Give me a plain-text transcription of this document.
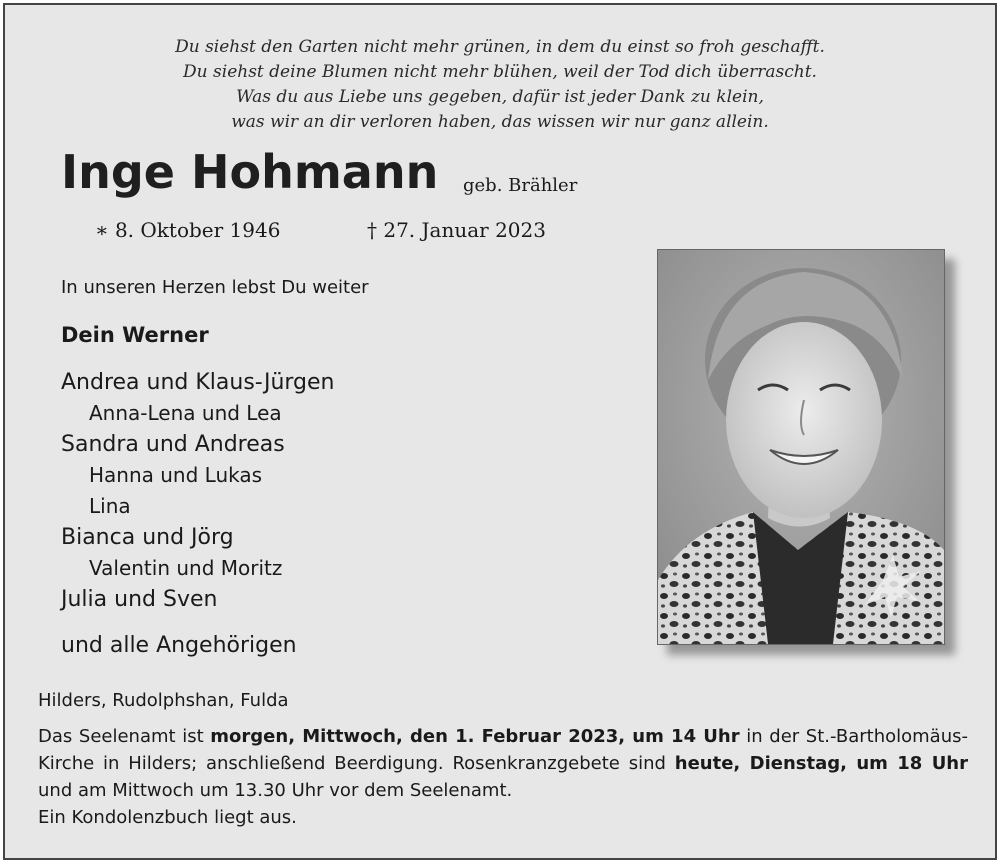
Du siehst den Garten nicht mehr grünen, in dem du einst so froh geschafft.
Du siehst deine Blumen nicht mehr blühen, weil der Tod dich überrascht.
Was du aus Liebe uns gegeben, dafür ist jeder Dank zu klein,
was wir an dir verloren haben, das wissen wir nur ganz allein.
Inge Hohmann geb. Brähler
∗ 8. Oktober 1946	† 27. Januar 2023
In unseren Herzen lebst Du weiter
Dein Werner
Andrea und Klaus-Jürgen
Anna-Lena und Lea
Sandra und Andreas
Hanna und Lukas
Lina
Bianca und Jörg
Valentin und Moritz
Julia und Sven
und alle Angehörigen
Hilders, Rudolphshan, Fulda
Das Seelenamt ist morgen, Mittwoch, den 1. Februar 2023, um 14 Uhr in der St.-Bartholomäus-Kirche in Hilders; anschließend Beerdigung. Rosenkranzgebete sind heute, Dienstag, um 18 Uhr und am Mittwoch um 13.30 Uhr vor dem Seelenamt.
Ein Kondolenzbuch liegt aus.
